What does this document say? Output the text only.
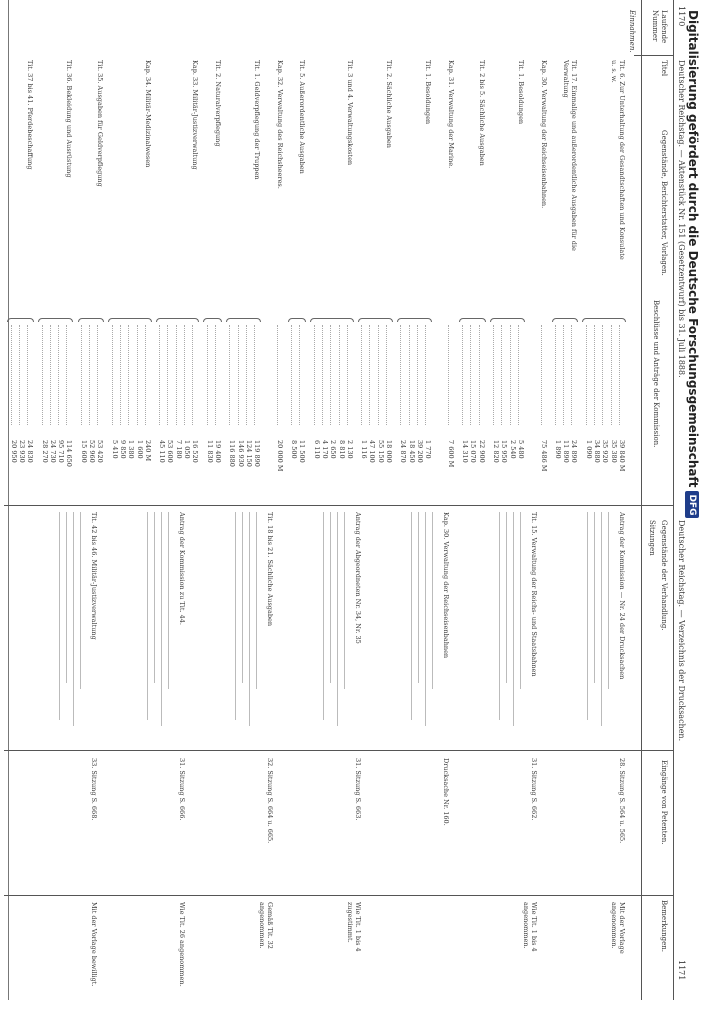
1170
Deutscher Reichstag. — Aktenstück Nr. 151 (Gesetzentwurf) bis 31. Juli 1888.
Deutscher Reichstag. — Verzeichnis der Drucksachen.
1171
Laufende Nummer
Titel
Gegenstände, Berichterstatter, Vorlagen.
Beschlüsse und Anträge der Kommission.
Gegenstände der Verhandlung.
Sitzungen
Eingänge von Petenten.
Bemerkungen.
Einnahmen.
Tit. 6. Zur Unterhaltung der Gesandtschaften und Konsulate u. s. w.
39 840 M
35 380
35 920
34 880
1 090
Tit. 17. Einmalige und außerordentliche Ausgaben für die Verwaltung
24 890
11 890
1 890
Kap. 30. Verwaltung der Reichseisenbahnen.
75 486 M
Tit. 1. Besoldungen
5 480
2 540
15 950
12 820
Tit. 2 bis 5. Sächliche Ausgaben
22 900
15 070
14 310
Kap. 31. Verwaltung der Marine.
7 600 M
Tit. 1. Besoldungen
1 770
39 200
18 450
24 870
Tit. 2. Sächliche Ausgaben
18 000
55 150
47 100
1 116
Tit. 3 und 4. Verwaltungskosten
2 130
8 810
2 650
4 170
6 110
Tit. 5. Außerordentliche Ausgaben
11 500
8 500
Kap. 32. Verwaltung des Reichsheeres.
20 000 M
Tit. 1. Geldverpflegung der Truppen
119 890
124 150
146 930
116 880
Tit. 2. Naturalverpflegung
19 400
11 830
Kap. 33. Militär-Justizverwaltung
16 520
1 050
7 180
53 600
45 110
Kap. 34. Militär-Medizinalwesen
240 M
1 600
1 380
9 850
5 410
Tit. 35. Ausgaben für Geldverpflegung
53 420
52 960
15 600
Tit. 36. Bekleidung und Ausrüstung
114 650
95 710
24 730
28 270
Tit. 37 bis 41. Pferdebeschaffung
24 830
23 930
20 950
Antrag der Kommission — Nr. 24 der Drucksachen
28. Sitzung S. 564 u. 565.
Mit der Vorlage angenommen.
Tit. 15. Verwaltung der Reichs- und Staatsbahnen
31. Sitzung S. 662.
Wie Tit. 1 bis 4 angenommen.
Kap. 30. Verwaltung der Reichseisenbahnen
Drucksache Nr. 160.
Antrag der Abgeordneten Nr. 34, Nr. 35
31. Sitzung S. 663.
Wie Tit. 1 bis 4 zugestimmt.
Tit. 18 bis 21. Sächliche Ausgaben
32. Sitzung S. 664 u. 665.
Gemäß Tit. 32 angenommen.
Antrag der Kommission zu Tit. 44.
31. Sitzung S. 666.
Wie Tit. 26 angenommen.
Tit. 42 bis 46. Militär-Justizverwaltung
33. Sitzung S. 668.
Mit der Vorlage bewilligt.
Digitalisierung gefördert durch die Deutsche ForschungsgemeinschaftDFG
